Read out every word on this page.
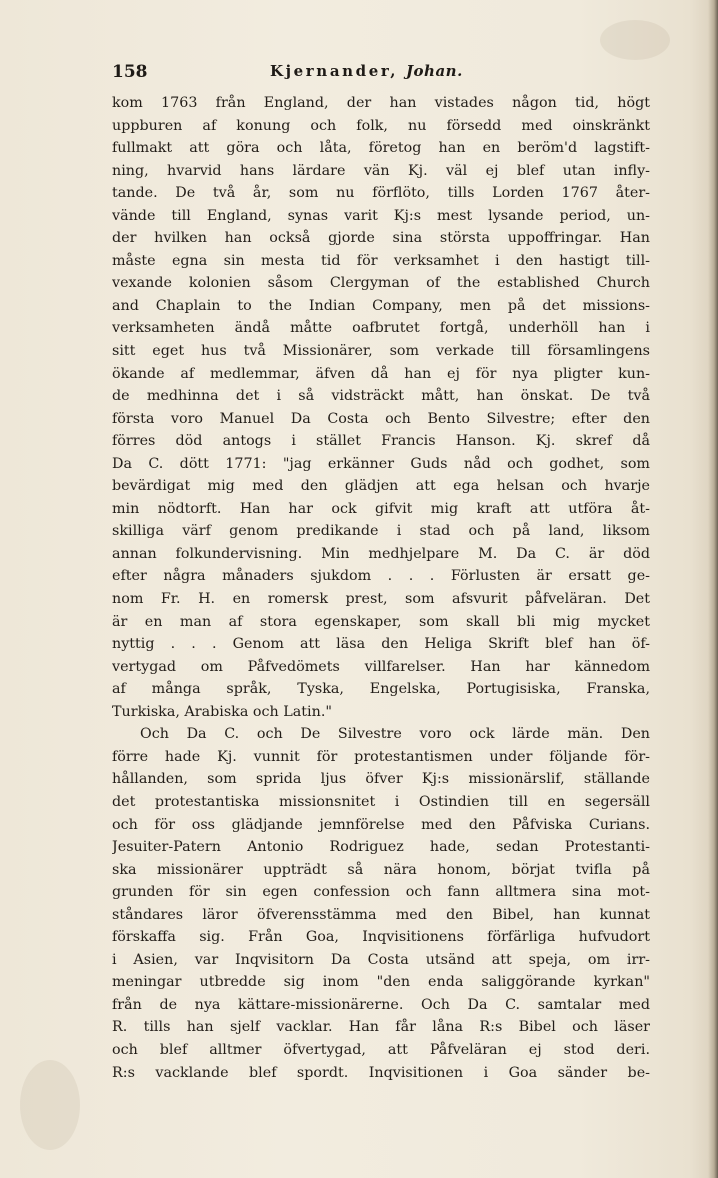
158	Kjernander, Johan.
kom 1763 från England, der han vistades någon tid, högt
uppburen af konung och folk, nu försedd med oinskränkt
fullmakt att göra och låta, företog han en beröm'd lagstift-
ning, hvarvid hans lärdare vän Kj. väl ej blef utan infly-
tande. De två år, som nu förflöto, tills Lorden 1767 åter-
vände till England, synas varit Kj:s mest lysande period, un-
der hvilken han också gjorde sina största uppoffringar. Han
måste egna sin mesta tid för verksamhet i den hastigt till-
vexande kolonien såsom Clergyman of the established Church
and Chaplain to the Indian Company, men på det missions-
verksamheten ändå måtte oafbrutet fortgå, underhöll han i
sitt eget hus två Missionärer, som verkade till församlingens
ökande af medlemmar, äfven då han ej för nya pligter kun-
de medhinna det i så vidsträckt mått, han önskat. De två
första voro Manuel Da Costa och Bento Silvestre; efter den
förres död antogs i stället Francis Hanson. Kj. skref då
Da C. dött 1771: "jag erkänner Guds nåd och godhet, som
bevärdigat mig med den glädjen att ega helsan och hvarje
min nödtorft. Han har ock gifvit mig kraft att utföra åt-
skilliga värf genom predikande i stad och på land, liksom
annan folkundervisning. Min medhjelpare M. Da C. är död
efter några månaders sjukdom . . . Förlusten är ersatt ge-
nom Fr. H. en romersk prest, som afsvurit påfveläran. Det
är en man af stora egenskaper, som skall bli mig mycket
nyttig . . . Genom att läsa den Heliga Skrift blef han öf-
vertygad om Påfvedömets villfarelser. Han har kännedom
af många språk, Tyska, Engelska, Portugisiska, Franska,
Turkiska, Arabiska och Latin."
Och Da C. och De Silvestre voro ock lärde män. Den
förre hade Kj. vunnit för protestantismen under följande för-
hållanden, som sprida ljus öfver Kj:s missionärslif, ställande
det protestantiska missionsnitet i Ostindien till en segersäll
och för oss glädjande jemnförelse med den Påfviska Curians.
Jesuiter-Patern Antonio Rodriguez hade, sedan Protestanti-
ska missionärer uppträdt så nära honom, börjat tvifla på
grunden för sin egen confession och fann alltmera sina mot-
ståndares läror öfverensstämma med den Bibel, han kunnat
förskaffa sig. Från Goa, Inqvisitionens förfärliga hufvudort
i Asien, var Inqvisitorn Da Costa utsänd att speja, om irr-
meningar utbredde sig inom "den enda saliggörande kyrkan"
från de nya kättare-missionärerne. Och Da C. samtalar med
R. tills han sjelf vacklar. Han får låna R:s Bibel och läser
och blef alltmer öfvertygad, att Påfveläran ej stod deri.
R:s vacklande blef spordt. Inqvisitionen i Goa sänder be-
